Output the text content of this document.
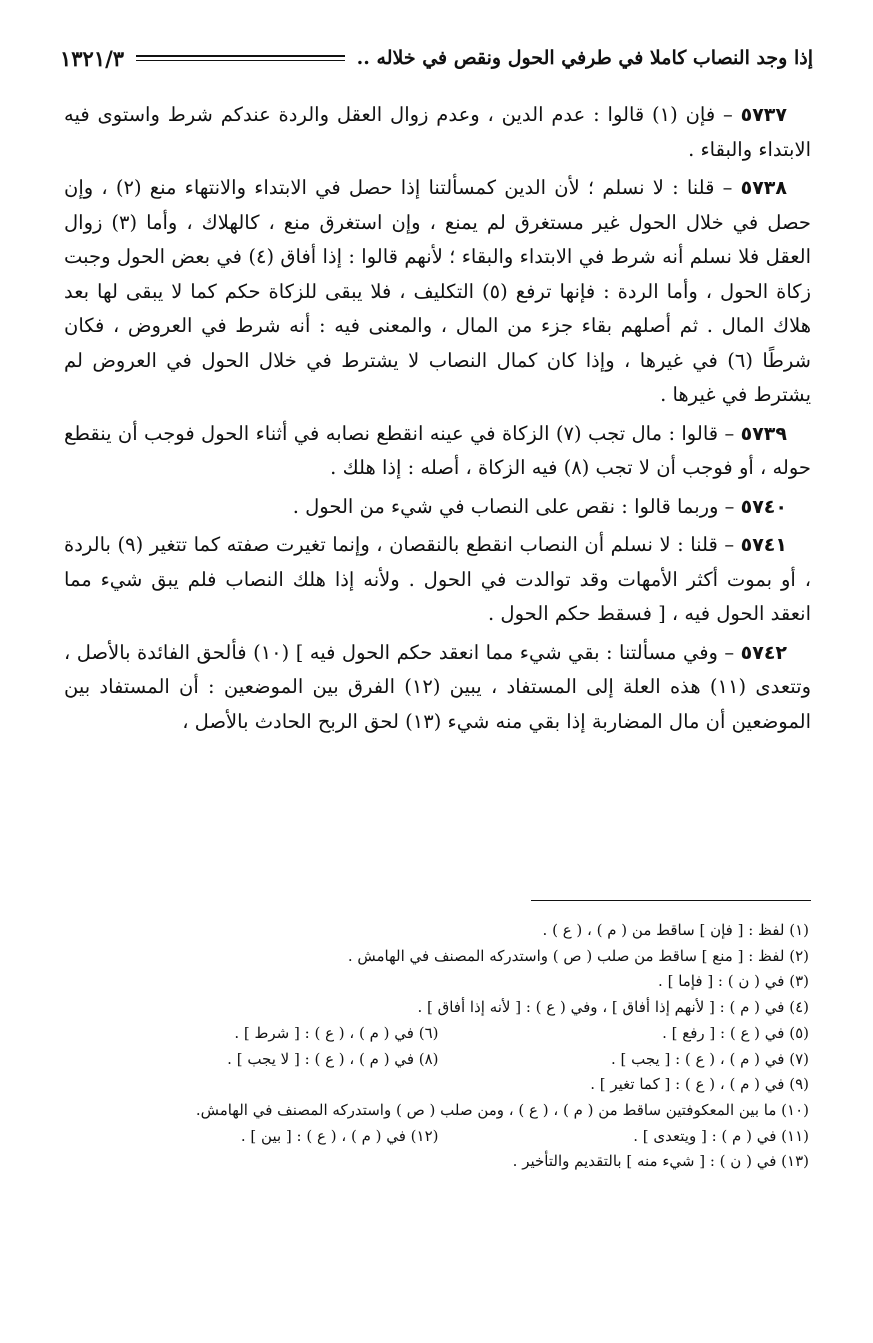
إذا وجد النصاب كاملا في طرفي الحول ونقص في خلاله ..
١٣٢١/٣

٥٧٣٧ – فإن (١) قالوا : عدم الدين ، وعدم زوال العقل والردة عندكم شرط واستوى فيه الابتداء والبقاء .

٥٧٣٨ – قلنا : لا نسلم ؛ لأن الدين كمسألتنا إذا حصل في الابتداء والانتهاء منع (٢) ، وإن حصل في خلال الحول غير مستغرق لم يمنع ، وإن استغرق منع ، كالهلاك ، وأما (٣) زوال العقل فلا نسلم أنه شرط في الابتداء والبقاء ؛ لأنهم قالوا : إذا أفاق (٤) في بعض الحول وجبت زكاة الحول ، وأما الردة : فإنها ترفع (٥) التكليف ، فلا يبقى للزكاة حكم كما لا يبقى لها بعد هلاك المال . ثم أصلهم بقاء جزء من المال ، والمعنى فيه : أنه شرط في العروض ، فكان شرطًا (٦) في غيرها ، وإذا كان كمال النصاب لا يشترط في خلال الحول في العروض لم يشترط في غيرها .

٥٧٣٩ – قالوا : مال تجب (٧) الزكاة في عينه انقطع نصابه في أثناء الحول فوجب أن ينقطع حوله ، أو فوجب أن لا تجب (٨) فيه الزكاة ، أصله : إذا هلك .

٥٧٤٠ – وربما قالوا : نقص على النصاب في شيء من الحول .

٥٧٤١ – قلنا : لا نسلم أن النصاب انقطع بالنقصان ، وإنما تغيرت صفته كما تتغير (٩) بالردة ، أو بموت أكثر الأمهات وقد توالدت في الحول . ولأنه إذا هلك النصاب فلم يبق شيء مما انعقد الحول فيه ، [ فسقط حكم الحول .

٥٧٤٢ – وفي مسألتنا : بقي شيء مما انعقد حكم الحول فيه ] (١٠) فألحق الفائدة بالأصل ، وتتعدى (١١) هذه العلة إلى المستفاد ، يبين (١٢) الفرق بين الموضعين : أن المستفاد بين الموضعين أن مال المضاربة إذا بقي منه شيء (١٣) لحق الربح الحادث بالأصل ،

(١) لفظ : [ فإن ] ساقط من ( م ) ، ( ع ) .
(٢) لفظ : [ منع ] ساقط من صلب ( ص ) واستدركه المصنف في الهامش .
(٣) في ( ن ) : [ فإما ] .
(٤) في ( م ) : [ لأنهم إذا أفاق ] ، وفي ( ع ) : [ لأنه إذا أفاق ] .
(٥) في ( ع ) : [ رفع ] .
(٦) في ( م ) ، ( ع ) : [ شرط ] .
(٧) في ( م ) ، ( ع ) : [ يجب ] .
(٨) في ( م ) ، ( ع ) : [ لا يجب ] .
(٩) في ( م ) ، ( ع ) : [ كما تغير ] .
(١٠) ما بين المعكوفتين ساقط من ( م ) ، ( ع ) ، ومن صلب ( ص ) واستدركه المصنف في الهامش.
(١١) في ( م ) : [ ويتعدى ] .
(١٢) في ( م ) ، ( ع ) : [ بين ] .
(١٣) في ( ن ) : [ شيء منه ] بالتقديم والتأخير .
